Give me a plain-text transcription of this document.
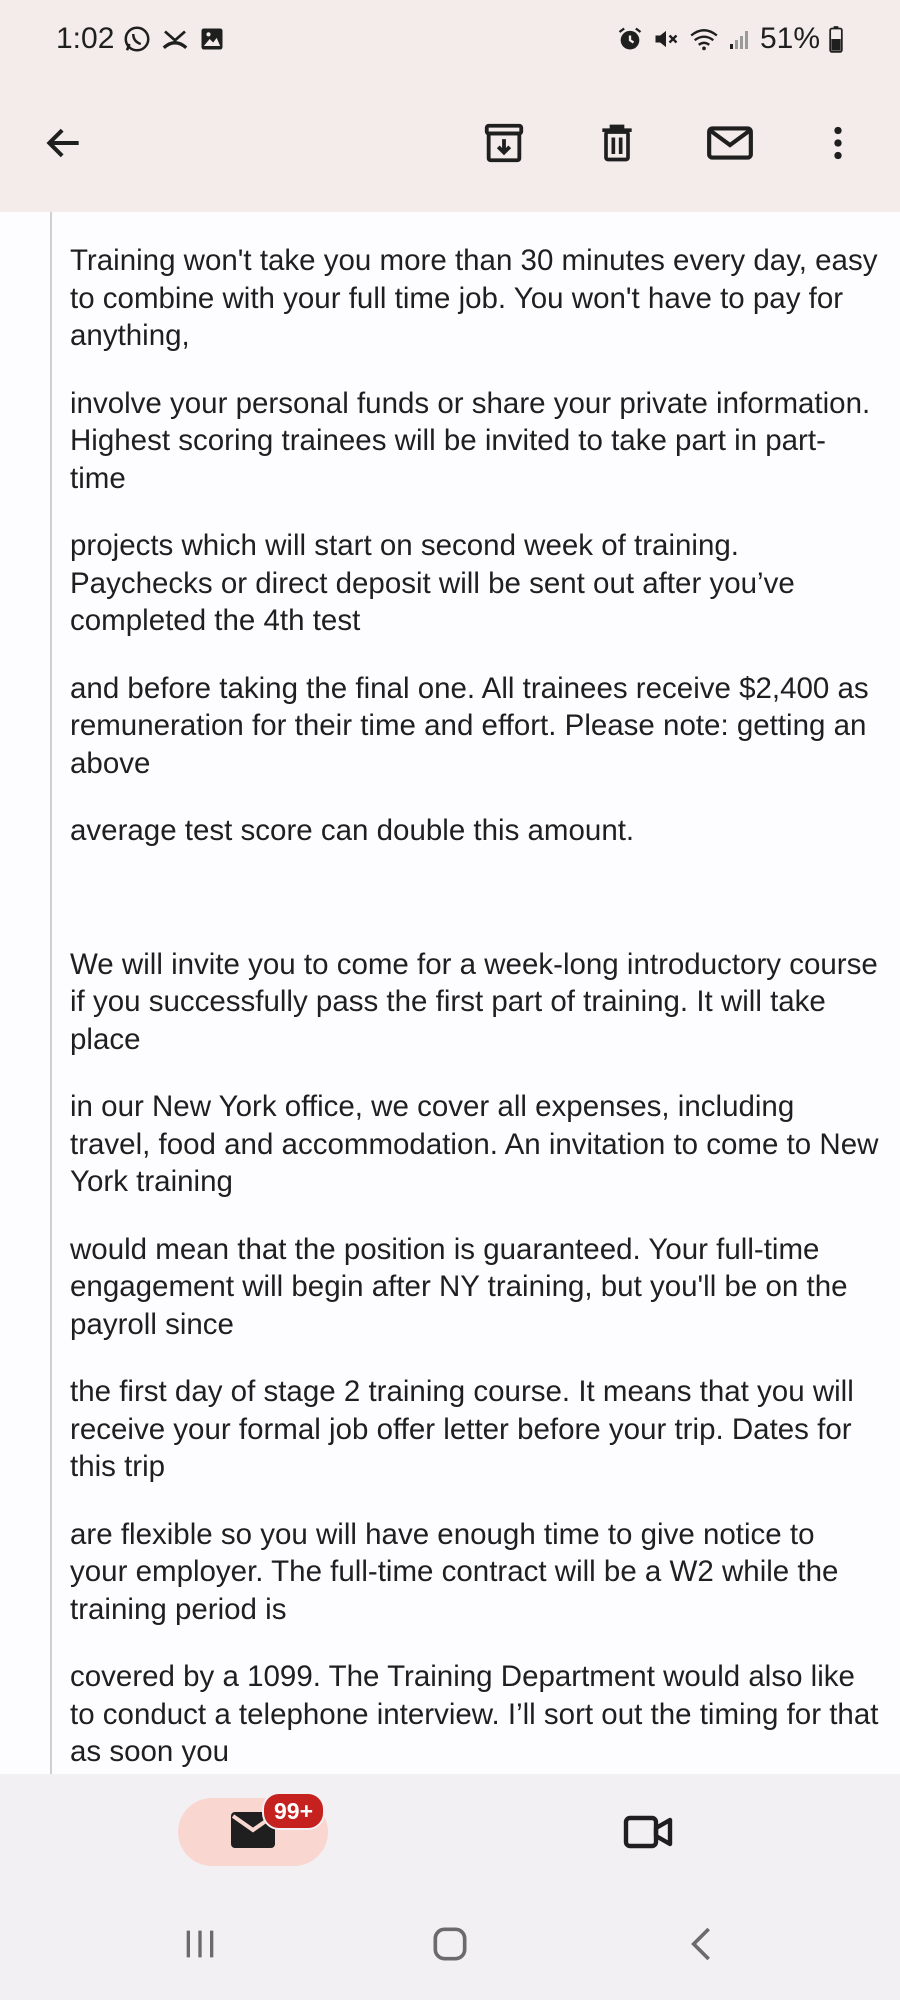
1:02	51%

Training won't take you more than 30 minutes every day, easy to combine with your full time job. You won't have to pay for anything,

involve your personal funds or share your private information. Highest scoring trainees will be invited to take part in part-time

projects which will start on second week of training. Paychecks or direct deposit will be sent out after you’ve completed the 4th test

and before taking the final one. All trainees receive $2,400 as remuneration for their time and effort. Please note: getting an above

average test score can double this amount.

We will invite you to come for a week-long introductory course if you successfully pass the first part of training. It will take place

in our New York office, we cover all expenses, including travel, food and accommodation. An invitation to come to New York training

would mean that the position is guaranteed. Your full-time engagement will begin after NY training, but you'll be on the payroll since

the first day of stage 2 training course. It means that you will receive your formal job offer letter before your trip. Dates for this trip

are flexible so you will have enough time to give notice to your employer. The full-time contract will be a W2 while the training period is

covered by a 1099. The Training Department would also like to conduct a telephone interview. I’ll sort out the timing for that as soon you

99+
